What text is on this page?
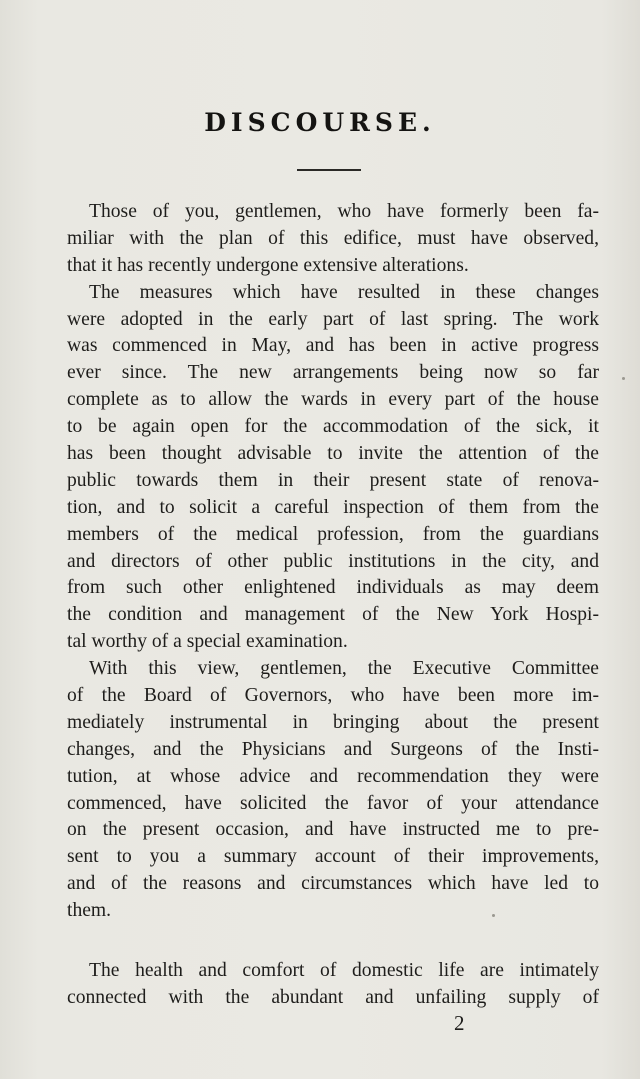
DISCOURSE.
Those of you, gentlemen, who have formerly been fa-
miliar with the plan of this edifice, must have observed,
that it has recently undergone extensive alterations.
The measures which have resulted in these changes
were adopted in the early part of last spring. The work
was commenced in May, and has been in active progress
ever since. The new arrangements being now so far
complete as to allow the wards in every part of the house
to be again open for the accommodation of the sick, it
has been thought advisable to invite the attention of the
public towards them in their present state of renova-
tion, and to solicit a careful inspection of them from the
members of the medical profession, from the guardians
and directors of other public institutions in the city, and
from such other enlightened individuals as may deem
the condition and management of the New York Hospi-
tal worthy of a special examination.
With this view, gentlemen, the Executive Committee
of the Board of Governors, who have been more im-
mediately instrumental in bringing about the present
changes, and the Physicians and Surgeons of the Insti-
tution, at whose advice and recommendation they were
commenced, have solicited the favor of your attendance
on the present occasion, and have instructed me to pre-
sent to you a summary account of their improvements,
and of the reasons and circumstances which have led to
them.
The health and comfort of domestic life are intimately
connected with the abundant and unfailing supply of
2
